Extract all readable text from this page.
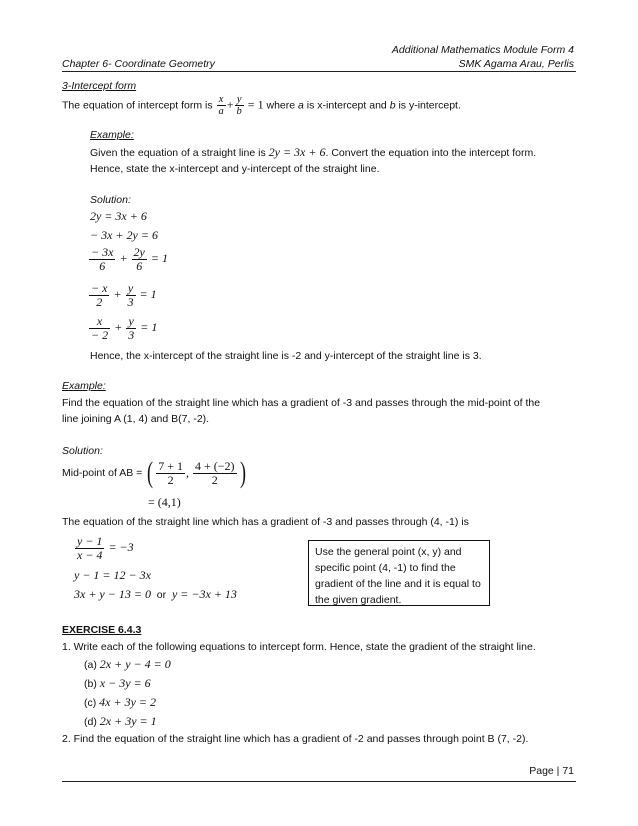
Additional Mathematics Module Form 4
Chapter 6- Coordinate Geometry	SMK Agama Arau, Perlis
3-Intercept form
The equation of intercept form is $\frac{x}{a} + \frac{y}{b} = 1$ where a is x-intercept and b is y-intercept.
Example:
Given the equation of a straight line is 2y = 3x + 6. Convert the equation into the intercept form.
Hence, state the x-intercept and y-intercept of the straight line.
Solution:
2y = 3x + 6
− 3x + 2y = 6
$\frac{- 3x}{6} + \frac{2y}{6} = 1$
$\frac{- x}{2} + \frac{y}{3} = 1$
$\frac{x}{- 2} + \frac{y}{3} = 1$
Hence, the x-intercept of the straight line is -2 and y-intercept of the straight line is 3.
Example:
Find the equation of the straight line which has a gradient of -3 and passes through the mid-point of the
line joining A (1, 4) and B(7, -2).
Solution:
Mid-point of AB = ( $\frac{7 + 1}{2}$ , $\frac{4 + (-2)}{2}$ )
= (4,1)
The equation of the straight line which has a gradient of -3 and passes through (4, -1) is
$\frac{y - 1}{x - 4} = -3$
y − 1 = 12 − 3x
3x + y − 13 = 0 or y = −3x + 13
Use the general point (x, y) and specific point (4, -1) to find the gradient of the line and it is equal to the given gradient.
EXERCISE 6.4.3
1. Write each of the following equations to intercept form. Hence, state the gradient of the straight line.
(a) 2x + y − 4 = 0
(b) x − 3y = 6
(c) 4x + 3y = 2
(d) 2x + 3y = 1
2. Find the equation of the straight line which has a gradient of -2 and passes through point B (7, -2).
Page | 71
